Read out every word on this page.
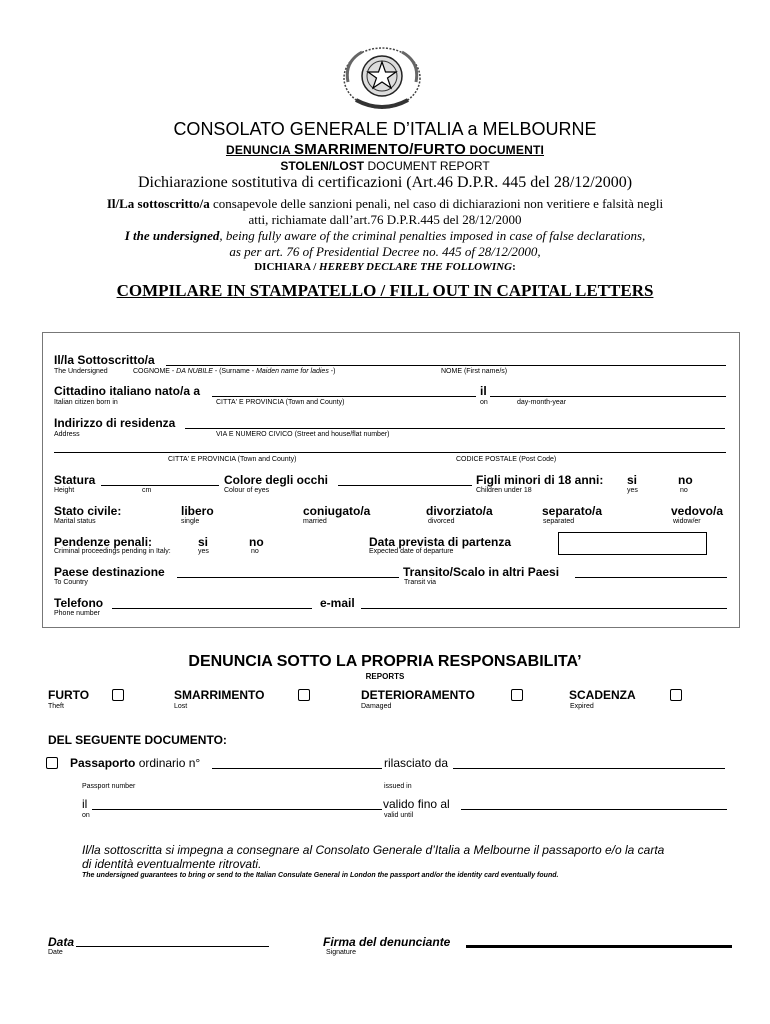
CONSOLATO GENERALE D’ITALIA a MELBOURNE
DENUNCIA SMARRIMENTO/FURTO DOCUMENTI
STOLEN/LOST DOCUMENT REPORT
Dichiarazione sostitutiva di certificazioni (Art.46 D.P.R. 445 del 28/12/2000)
Il/La sottoscritto/a consapevole delle sanzioni penali, nel caso di dichiarazioni non veritiere e falsità negli
atti, richiamate dall’art.76 D.P.R.445 del 28/12/2000
I the undersigned, being fully aware of the criminal penalties imposed in case of false declarations,
as per art. 76 of Presidential Decree no. 445 of 28/12/2000,
DICHIARA / HEREBY DECLARE THE FOLLOWING:
COMPILARE IN STAMPATELLO / FILL OUT IN CAPITAL LETTERS
Il/la Sottoscritto/a
The Undersigned	COGNOME - DA NUBILE - (Surname - Maiden name for ladies -)	NOME (First name/s)
Cittadino italiano nato/a a	il
Italian citizen born in	CITTA' E PROVINCIA (Town and County)	on	day-month-year
Indirizzo di residenza
Address	VIA E NUMERO CIVICO (Street and house/flat number)
CITTA' E PROVINCIA (Town and County)	CODICE POSTALE (Post Code)
Statura	Colore degli occhi	Figli minori di 18 anni: si	no
Height	cm	Colour of eyes	Children under 18	yes	no
Stato civile:	libero	coniugato/a	divorziato/a	separato/a	vedovo/a
Marital status	single	married	divorced	separated	widow/er
Pendenze penali:	si	no	Data prevista di partenza
Criminal proceedings pending in Italy:	yes	no	Expected date of departure
Paese destinazione	Transito/Scalo in altri Paesi
To Country	Transit via
Telefono	e-mail
Phone number
DENUNCIA SOTTO LA PROPRIA RESPONSABILITA’
REPORTS
FURTO
Theft
SMARRIMENTO
Lost
DETERIORAMENTO
Damaged
SCADENZA
Expired
DEL SEGUENTE DOCUMENTO:
Passaporto ordinario n°	rilasciato da
Passport number	issued in
il	valido fino al
on	valid until
Il/la sottoscritta si impegna a consegnare al Consolato Generale d’Italia a Melbourne il passaporto e/o la carta
di identità eventualmente ritrovati.
The undersigned guarantees to bring or send to the Italian Consulate General in London the passport and/or the identity card eventually found.
Data
Date
Firma del denunciante
Signature
